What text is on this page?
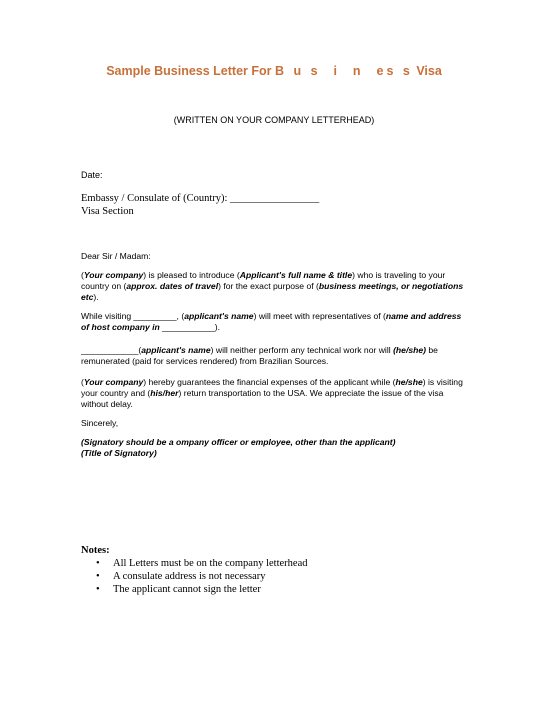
Sample Business Letter For B u s  i  n  es s Visa
(WRITTEN ON YOUR COMPANY LETTERHEAD)
Date:
Embassy / Consulate of (Country): _________________
Visa Section
Dear Sir / Madam:
(Your company) is pleased to introduce (Applicant's full name & title) who is traveling to your country on (approx. dates of travel) for the exact purpose of (business meetings, or negotiations etc).
While visiting _________, (applicant's name) will meet with representatives of (name and address of host company in ___________).
____________(applicant's name) will neither perform any technical work nor will (he/she) be remunerated (paid for services rendered) from Brazilian Sources.
(Your company) hereby guarantees the financial expenses of the applicant while (he/she) is visiting your country and (his/her) return transportation to the USA. We appreciate the issue of the visa without delay.
Sincerely,
(Signatory should be a ompany officer or employee, other than the applicant)
(Title of Signatory)
Notes:
• All Letters must be on the company letterhead
• A consulate address is not necessary
• The applicant cannot sign the letter
